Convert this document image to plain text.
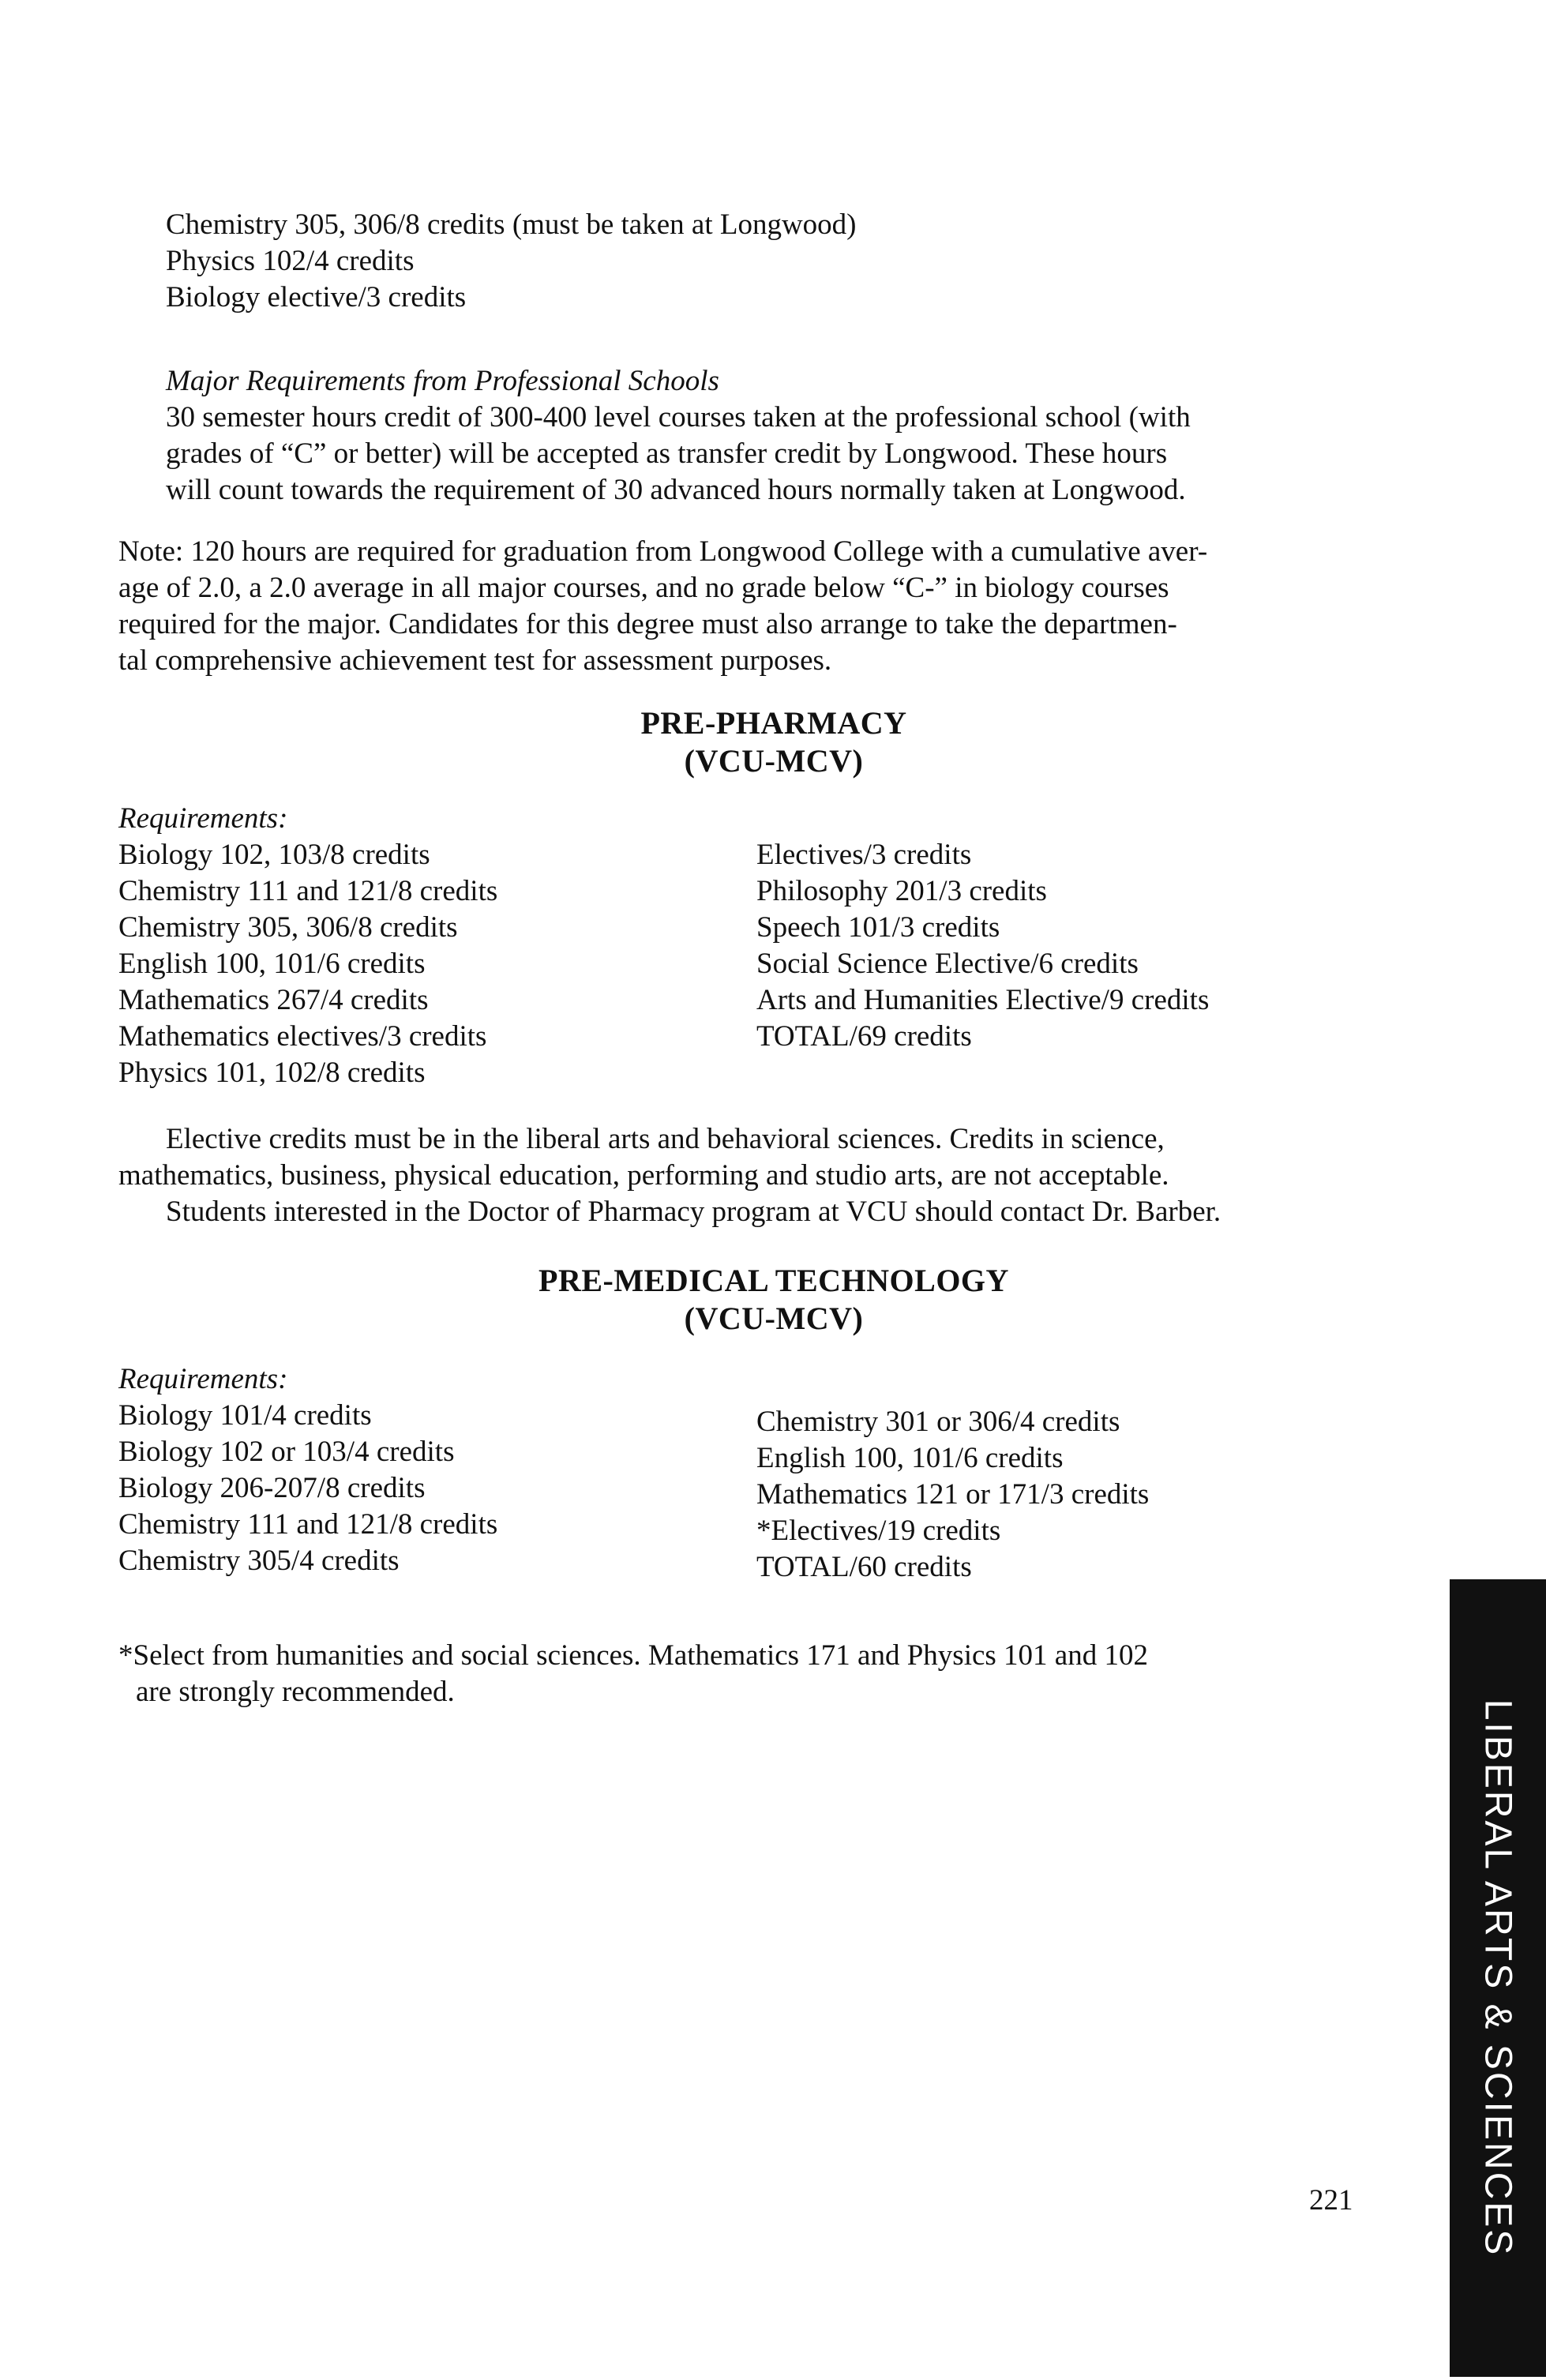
Chemistry 305, 306/8 credits (must be taken at Longwood)
Physics 102/4 credits
Biology elective/3 credits
Major Requirements from Professional Schools
30 semester hours credit of 300-400 level courses taken at the professional school (with
grades of “C” or better) will be accepted as transfer credit by Longwood. These hours
will count towards the requirement of 30 advanced hours normally taken at Longwood.
Note: 120 hours are required for graduation from Longwood College with a cumulative aver-
age of 2.0, a 2.0 average in all major courses, and no grade below “C-” in biology courses
required for the major. Candidates for this degree must also arrange to take the departmen-
tal comprehensive achievement test for assessment purposes.
PRE-PHARMACY
(VCU-MCV)
Requirements:
Biology 102, 103/8 credits
Chemistry 111 and 121/8 credits
Chemistry 305, 306/8 credits
English 100, 101/6 credits
Mathematics 267/4 credits
Mathematics electives/3 credits
Physics 101, 102/8 credits
Electives/3 credits
Philosophy 201/3 credits
Speech 101/3 credits
Social Science Elective/6 credits
Arts and Humanities Elective/9 credits
TOTAL/69 credits
Elective credits must be in the liberal arts and behavioral sciences. Credits in science,
mathematics, business, physical education, performing and studio arts, are not acceptable.
Students interested in the Doctor of Pharmacy program at VCU should contact Dr. Barber.
PRE-MEDICAL TECHNOLOGY
(VCU-MCV)
Requirements:
Biology 101/4 credits
Biology 102 or 103/4 credits
Biology 206-207/8 credits
Chemistry 111 and 121/8 credits
Chemistry 305/4 credits
Chemistry 301 or 306/4 credits
English 100, 101/6 credits
Mathematics 121 or 171/3 credits
*Electives/19 credits
TOTAL/60 credits
*Select from humanities and social sciences. Mathematics 171 and Physics 101 and 102
are strongly recommended.
LIBERAL ARTS & SCIENCES
221
